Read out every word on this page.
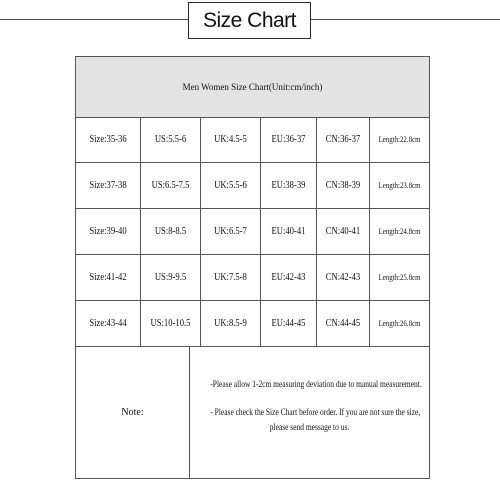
Size Chart
Men Women Size Chart(Unit:cm/inch)
Size:35-36	US:5.5-6	UK:4.5-5	EU:36-37	CN:36-37	Length:22.8cm
Size:37-38	US:6.5-7.5	UK:5.5-6	EU:38-39	CN:38-39	Length:23.8cm
Size:39-40	US:8-8.5	UK:6.5-7	EU:40-41	CN:40-41	Length:24.8cm
Size:41-42	US:9-9.5	UK:7.5-8	EU:42-43	CN:42-43	Length:25.8cm
Size:43-44	US:10-10.5	UK:8.5-9	EU:44-45	CN:44-45	Length:26.8cm
Note:

-Please allow 1-2cm measuring deviation due to manual measurement.

- Please check the Size Chart before order. If you are not sure the size,

please send message to us.
